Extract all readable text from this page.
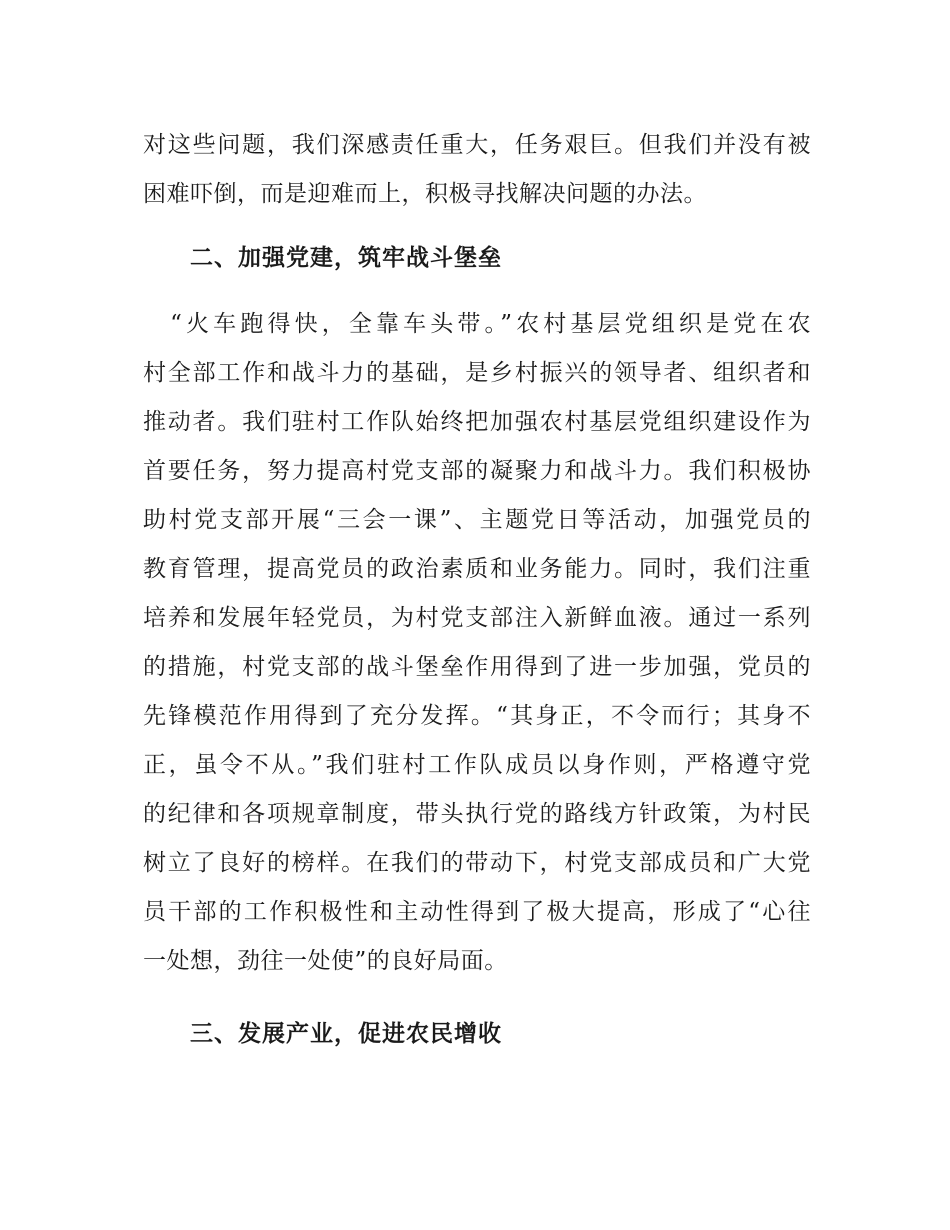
对这些问题，我们深感责任重大，任务艰巨。但我们并没有被
困难吓倒，而是迎难而上，积极寻找解决问题的办法。
二、加强党建，筑牢战斗堡垒
　“火车跑得快，全靠车头带。”农村基层党组织是党在农
村全部工作和战斗力的基础，是乡村振兴的领导者、组织者和
推动者。我们驻村工作队始终把加强农村基层党组织建设作为
首要任务，努力提高村党支部的凝聚力和战斗力。我们积极协
助村党支部开展“三会一课”、主题党日等活动，加强党员的
教育管理，提高党员的政治素质和业务能力。同时，我们注重
培养和发展年轻党员，为村党支部注入新鲜血液。通过一系列
的措施，村党支部的战斗堡垒作用得到了进一步加强，党员的
先锋模范作用得到了充分发挥。“其身正，不令而行；其身不
正，虽令不从。”我们驻村工作队成员以身作则，严格遵守党
的纪律和各项规章制度，带头执行党的路线方针政策，为村民
树立了良好的榜样。在我们的带动下，村党支部成员和广大党
员干部的工作积极性和主动性得到了极大提高，形成了“心往
一处想，劲往一处使”的良好局面。
三、发展产业，促进农民增收
